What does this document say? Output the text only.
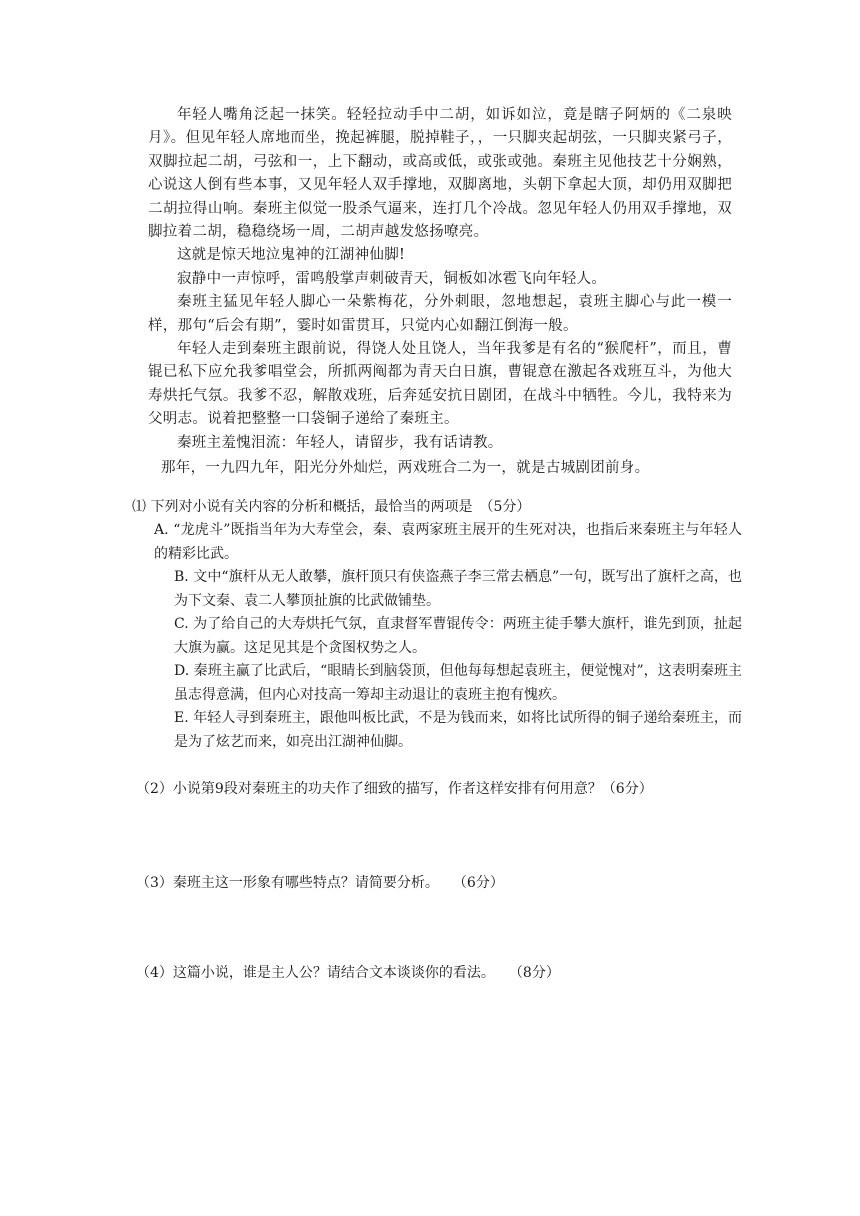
年轻人嘴角泛起一抹笑。轻轻拉动手中二胡，如诉如泣，竟是瞎子阿炳的《二泉映月》。但见年轻人席地而坐，挽起裤腿，脱掉鞋子，，一只脚夹起胡弦，一只脚夹紧弓子，双脚拉起二胡，弓弦和一，上下翻动，或高或低，或张或弛。秦班主见他技艺十分娴熟，心说这人倒有些本事，又见年轻人双手撑地，双脚离地，头朝下拿起大顶，却仍用双脚把二胡拉得山响。秦班主似觉一股杀气逼来，连打几个冷战。忽见年轻人仍用双手撑地，双脚拉着二胡，稳稳绕场一周，二胡声越发悠扬嘹亮。

这就是惊天地泣鬼神的江湖神仙脚!

寂静中一声惊呼，雷鸣般掌声刺破青天，铜板如冰雹飞向年轻人。

秦班主猛见年轻人脚心一朵紫梅花，分外刺眼，忽地想起，袁班主脚心与此一模一样，那句“后会有期”，霎时如雷贯耳，只觉内心如翻江倒海一般。

年轻人走到秦班主跟前说，得饶人处且饶人，当年我爹是有名的“猴爬杆”，而且，曹锟已私下应允我爹唱堂会，所抓两阄都为青天白日旗，曹锟意在激起各戏班互斗，为他大寿烘托气氛。我爹不忍，解散戏班，后奔延安抗日剧团，在战斗中牺牲。今儿，我特来为父明志。说着把整整一口袋铜子递给了秦班主。

秦班主羞愧泪流：年轻人，请留步，我有话请教。

那年，一九四九年，阳光分外灿烂，两戏班合二为一，就是古城剧团前身。

⑴ 下列对小说有关内容的分析和概括，最恰当的两项是　（5分）

A. “龙虎斗”既指当年为大寿堂会，秦、袁两家班主展开的生死对决，也指后来秦班主与年轻人的精彩比武。
B. 文中“旗杆从无人敢攀，旗杆顶只有侠盗燕子李三常去栖息”一句，既写出了旗杆之高，也为下文秦、袁二人攀顶扯旗的比武做铺垫。
C. 为了给自己的大寿烘托气氛，直隶督军曹锟传令：两班主徒手攀大旗杆，谁先到顶，扯起大旗为赢。这足见其是个贪图权势之人。
D. 秦班主赢了比武后，“眼睛长到脑袋顶，但他每每想起袁班主，便觉愧对”，这表明秦班主虽志得意满，但内心对技高一筹却主动退让的袁班主抱有愧疚。
E. 年轻人寻到秦班主，跟他叫板比武，不是为钱而来，如将比试所得的铜子递给秦班主，而是为了炫艺而来，如亮出江湖神仙脚。

（2）小说第9段对秦班主的功夫作了细致的描写，作者这样安排有何用意？（6分）

（3）秦班主这一形象有哪些特点？请简要分析。　　（6分）

（4）这篇小说，谁是主人公？请结合文本谈谈你的看法。　　（8分）
